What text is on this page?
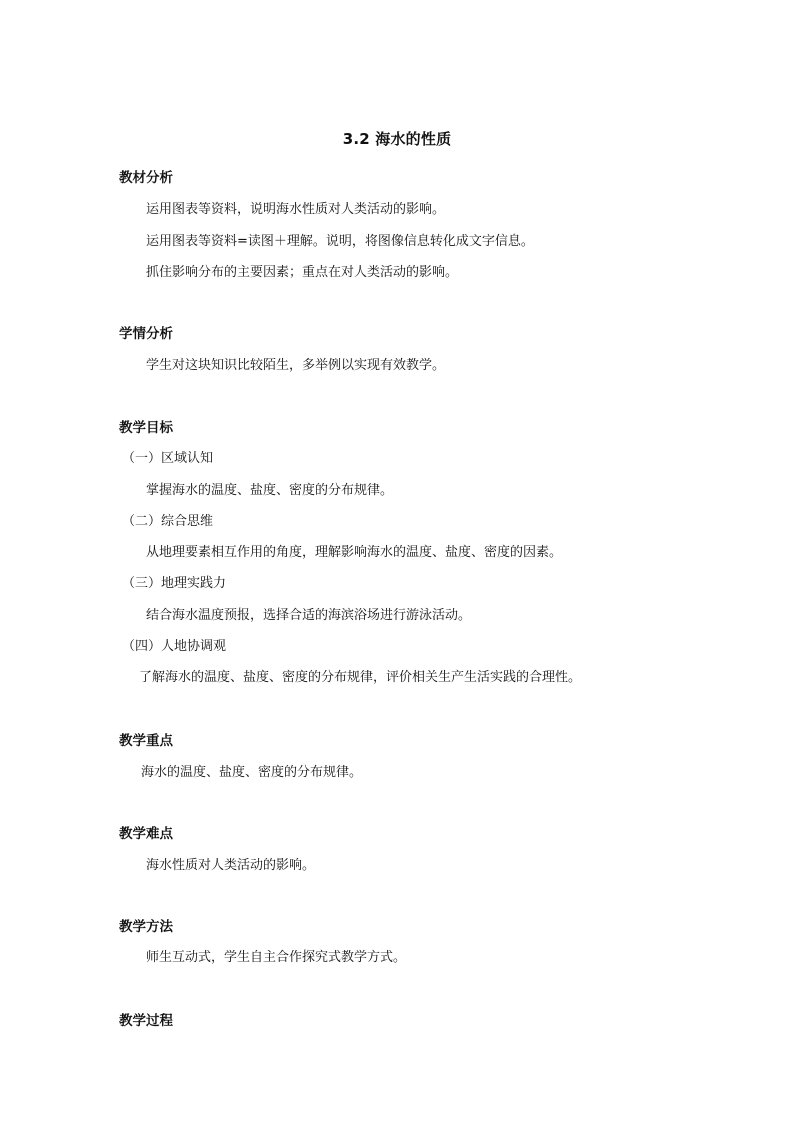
3.2 海水的性质
教材分析
运用图表等资料，说明海水性质对人类活动的影响。
运用图表等资料=读图＋理解。说明，将图像信息转化成文字信息。
抓住影响分布的主要因素；重点在对人类活动的影响。
学情分析
学生对这块知识比较陌生，多举例以实现有效教学。
教学目标
（一）区域认知
掌握海水的温度、盐度、密度的分布规律。
（二）综合思维
从地理要素相互作用的角度，理解影响海水的温度、盐度、密度的因素。
（三）地理实践力
结合海水温度预报，选择合适的海滨浴场进行游泳活动。
（四）人地协调观
了解海水的温度、盐度、密度的分布规律，评价相关生产生活实践的合理性。
教学重点
海水的温度、盐度、密度的分布规律。
教学难点
海水性质对人类活动的影响。
教学方法
师生互动式，学生自主合作探究式教学方式。
教学过程
